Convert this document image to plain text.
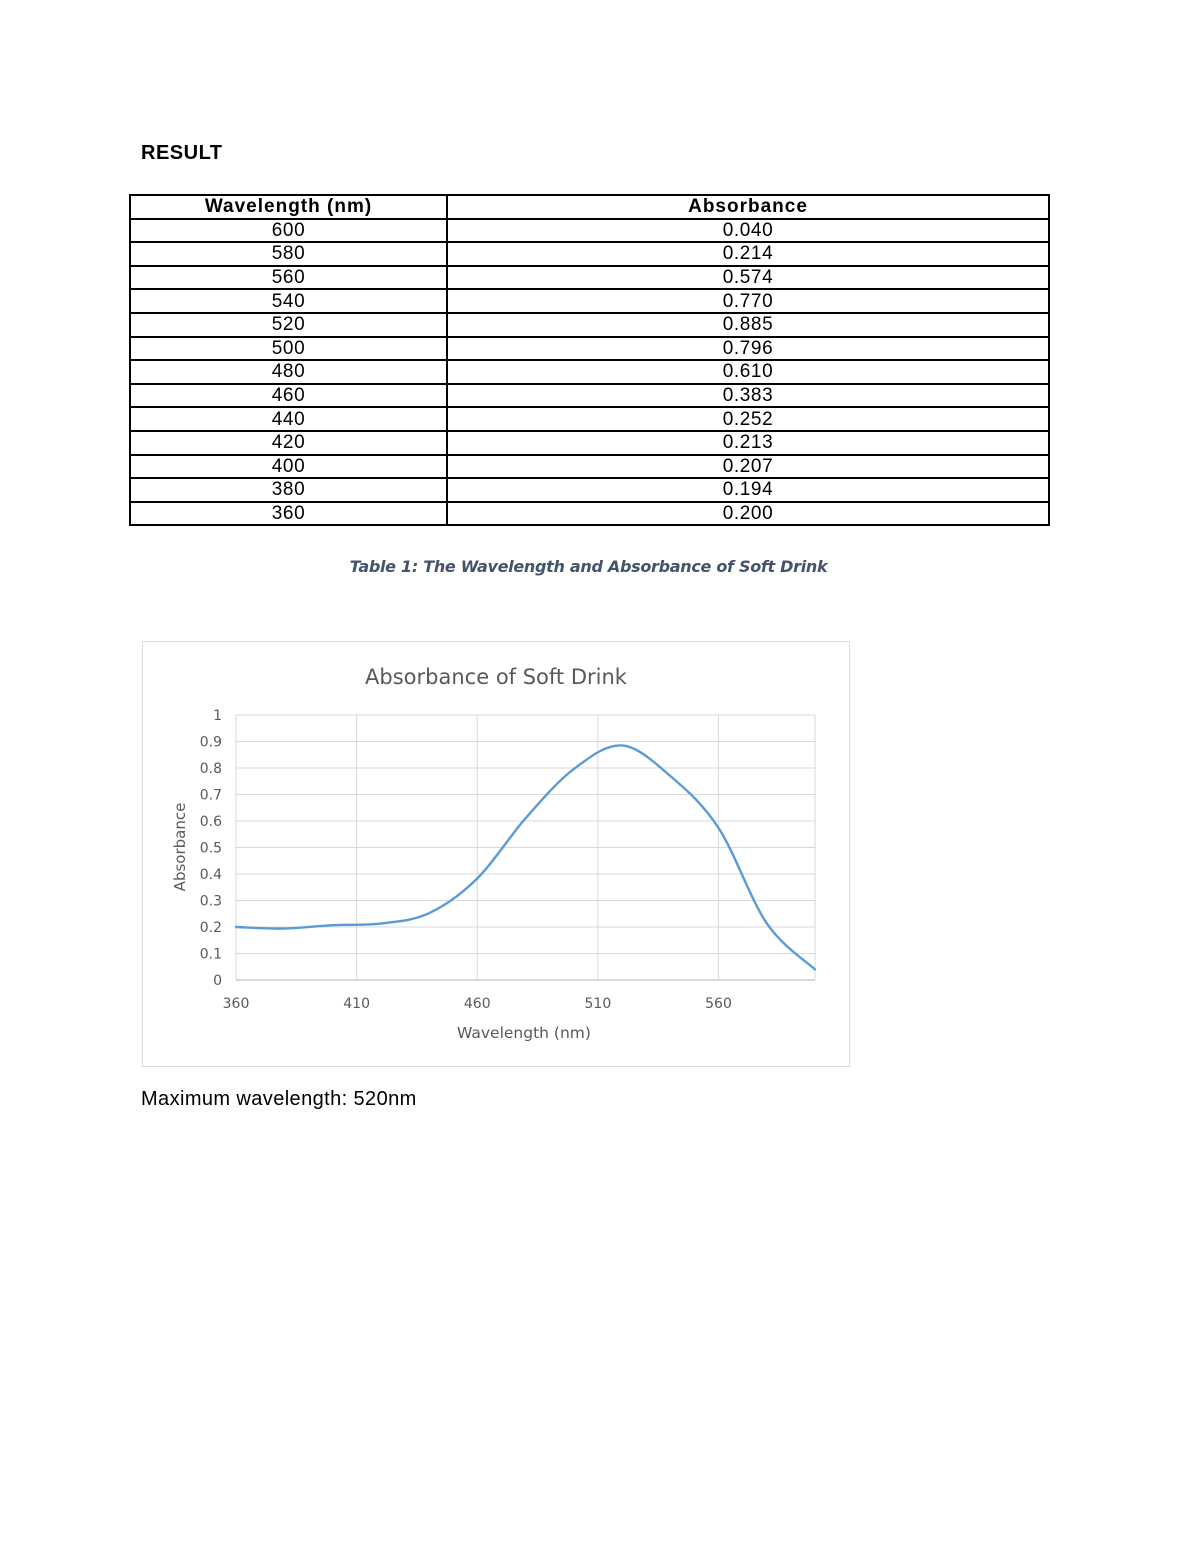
RESULT
Wavelength (nm)	Absorbance
600	0.040
580	0.214
560	0.574
540	0.770
520	0.885
500	0.796
480	0.610
460	0.383
440	0.252
420	0.213
400	0.207
380	0.194
360	0.200
Table 1: The Wavelength and Absorbance of Soft Drink
0
0.1
0.2
0.3
0.4
0.5
0.6
0.7
0.8
0.9
1
360	410	460	510	560
Absorbance of Soft Drink
Wavelength (nm)
Absorbance
Maximum wavelength: 520nm
